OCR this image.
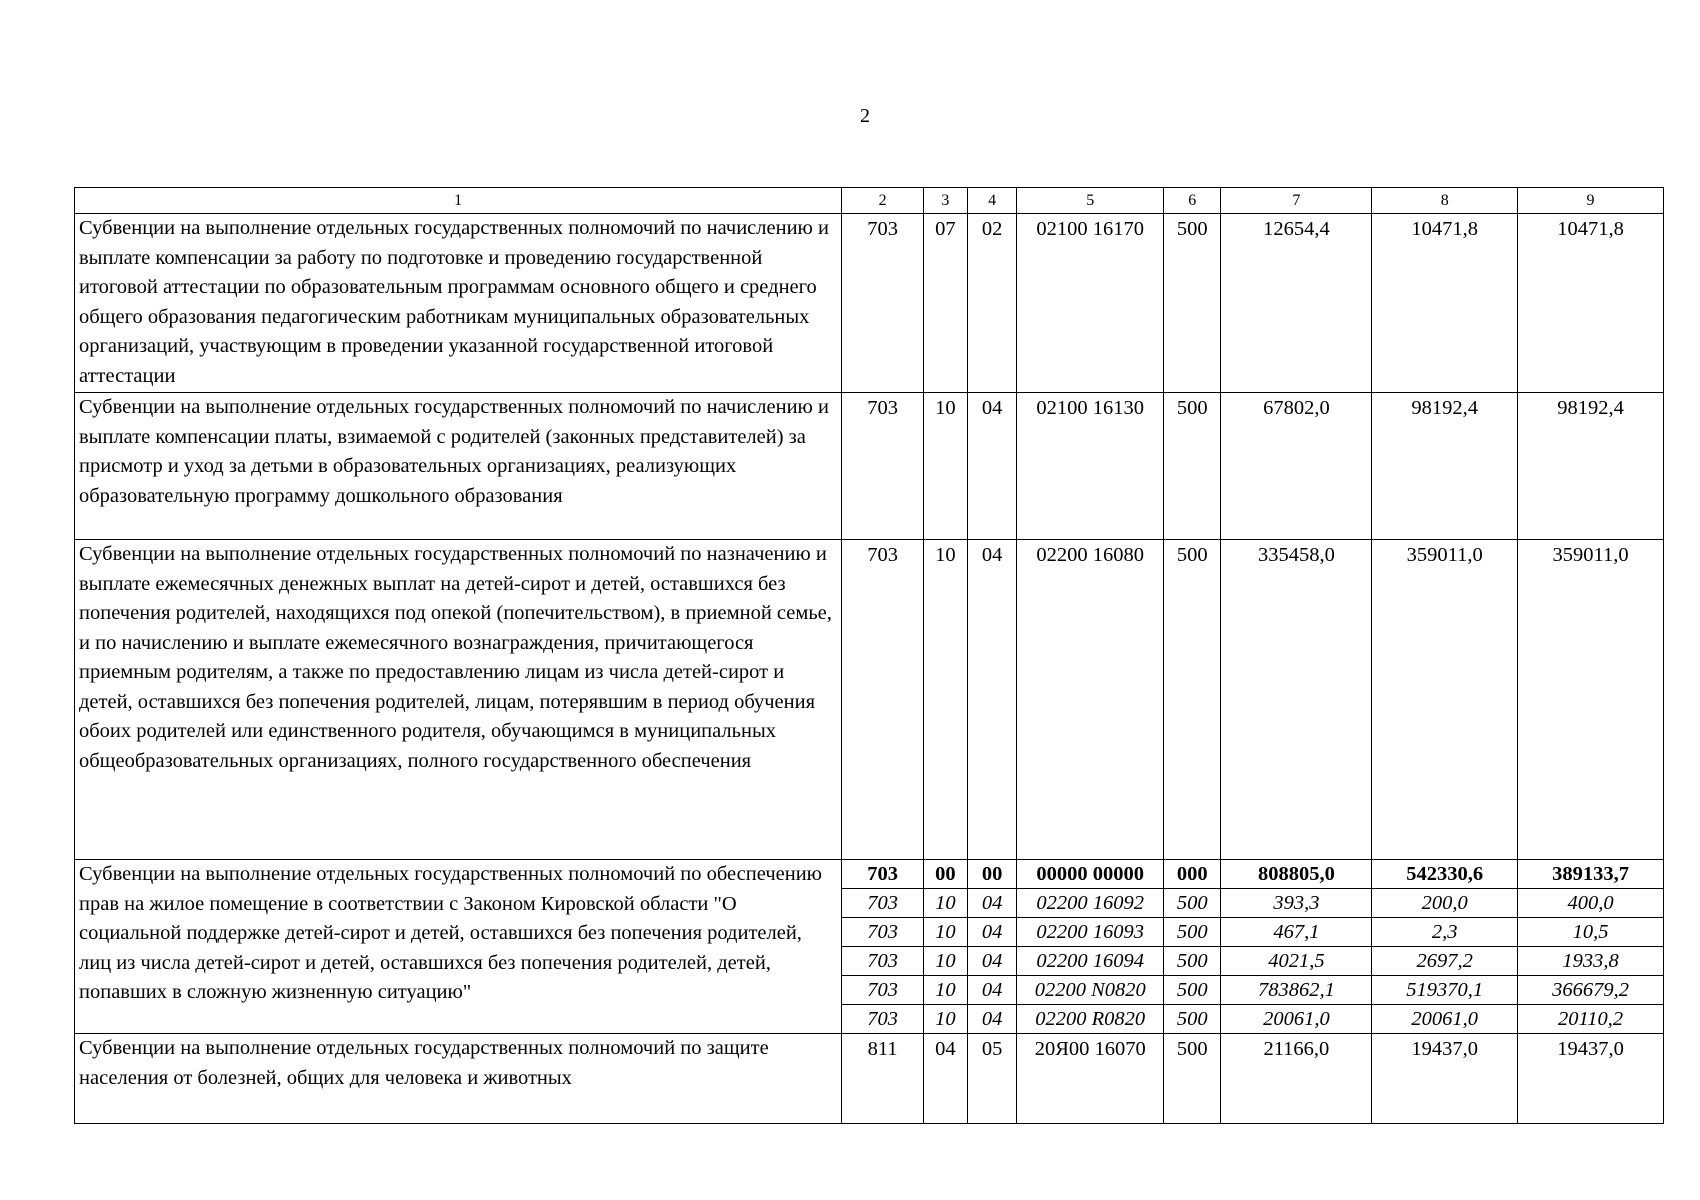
2
1	2	3	4	5	6	7	8	9
Субвенции на выполнение отдельных государственных полномочий по начислению и выплате компенсации за работу по подготовке и проведению государственной итоговой аттестации по образовательным программам основного общего и среднего общего образования педагогическим работникам муниципальных образовательных организаций, участвующим в проведении указанной государственной итоговой аттестации	703	07	02	02100 16170	500	12654,4	10471,8	10471,8
Субвенции на выполнение отдельных государственных полномочий по начислению и выплате компенсации платы, взимаемой с родителей (законных представителей) за присмотр и уход за детьми в образовательных организациях, реализующих образовательную программу дошкольного образования	703	10	04	02100 16130	500	67802,0	98192,4	98192,4
Субвенции на выполнение отдельных государственных полномочий по назначению и выплате ежемесячных денежных выплат на детей-сирот и детей, оставшихся без попечения родителей, находящихся под опекой (попечительством), в приемной семье, и по начислению и выплате ежемесячного вознаграждения, причитающегося приемным родителям, а также по предоставлению лицам из числа детей-сирот и детей, оставшихся без попечения родителей, лицам, потерявшим в период обучения обоих родителей или единственного родителя, обучающимся в муниципальных общеобразовательных организациях, полного государственного обеспечения	703	10	04	02200 16080	500	335458,0	359011,0	359011,0
Субвенции на выполнение отдельных государственных полномочий по обеспечению прав на жилое помещение в соответствии с Законом Кировской области "О социальной поддержке детей-сирот и детей, оставшихся без попечения родителей, лиц из числа детей-сирот и детей, оставшихся без попечения родителей, детей, попавших в сложную жизненную ситуацию"	703	00	00	00000 00000	000	808805,0	542330,6	389133,7
	703	10	04	02200 16092	500	393,3	200,0	400,0
	703	10	04	02200 16093	500	467,1	2,3	10,5
	703	10	04	02200 16094	500	4021,5	2697,2	1933,8
	703	10	04	02200 N0820	500	783862,1	519370,1	366679,2
	703	10	04	02200 R0820	500	20061,0	20061,0	20110,2
Субвенции на выполнение отдельных государственных полномочий по защите населения от болезней, общих для человека и животных	811	04	05	20Я00 16070	500	21166,0	19437,0	19437,0
